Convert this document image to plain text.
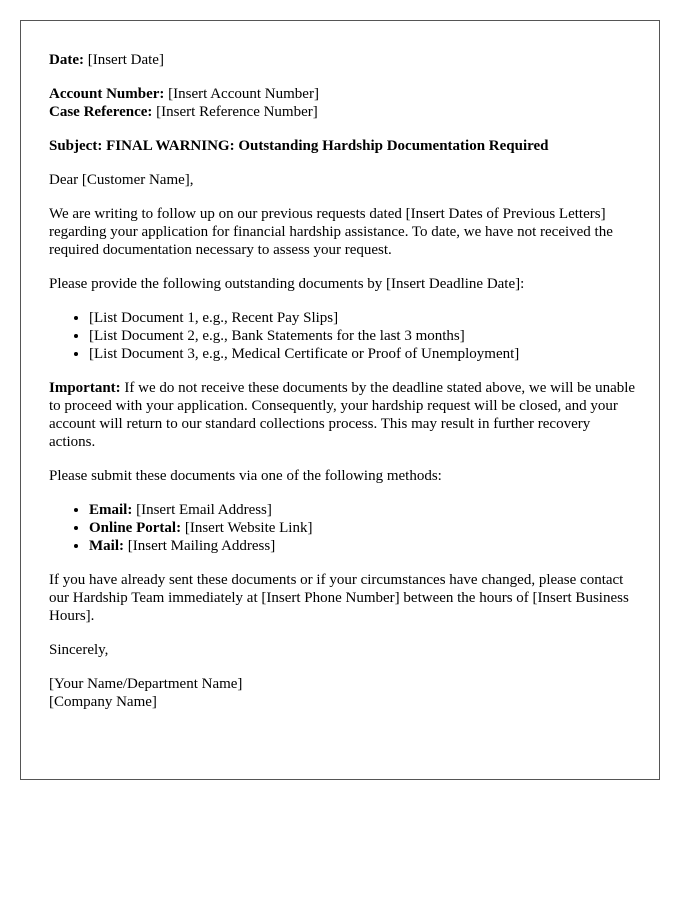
Date: [Insert Date]

Account Number: [Insert Account Number]

Case Reference: [Insert Reference Number]

Subject: FINAL WARNING: Outstanding Hardship Documentation Required

Dear [Customer Name],

We are writing to follow up on our previous requests dated [Insert Dates of Previous Letters] regarding your application for financial hardship assistance. To date, we have not received the required documentation necessary to assess your request.

Please provide the following outstanding documents by [Insert Deadline Date]:

• [List Document 1, e.g., Recent Pay Slips]
• [List Document 2, e.g., Bank Statements for the last 3 months]
• [List Document 3, e.g., Medical Certificate or Proof of Unemployment]

Important: If we do not receive these documents by the deadline stated above, we will be unable to proceed with your application. Consequently, your hardship request will be closed, and your account will return to our standard collections process. This may result in further recovery actions.

Please submit these documents via one of the following methods:

• Email: [Insert Email Address]
• Online Portal: [Insert Website Link]
• Mail: [Insert Mailing Address]

If you have already sent these documents or if your circumstances have changed, please contact our Hardship Team immediately at [Insert Phone Number] between the hours of [Insert Business Hours].

Sincerely,

[Your Name/Department Name]

[Company Name]
